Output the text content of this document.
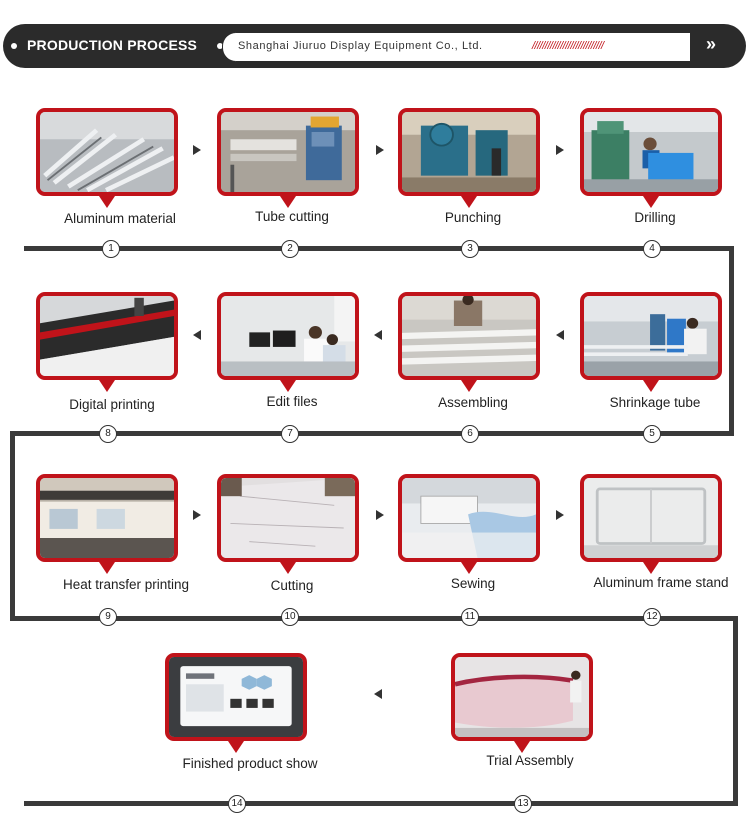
PRODUCTION PROCESS	Shanghai Jiuruo Display Equipment Co., Ltd.	////////////////////////////	»
Aluminum material
1
Tube cutting
2
Punching
3
Drilling
4
Digital printing
8
Edit files
7
Assembling
6
Shrinkage tube
5
Heat transfer printing
9
Cutting
10
Sewing
11
Aluminum frame stand
12
Finished product show
14
Trial Assembly
13
